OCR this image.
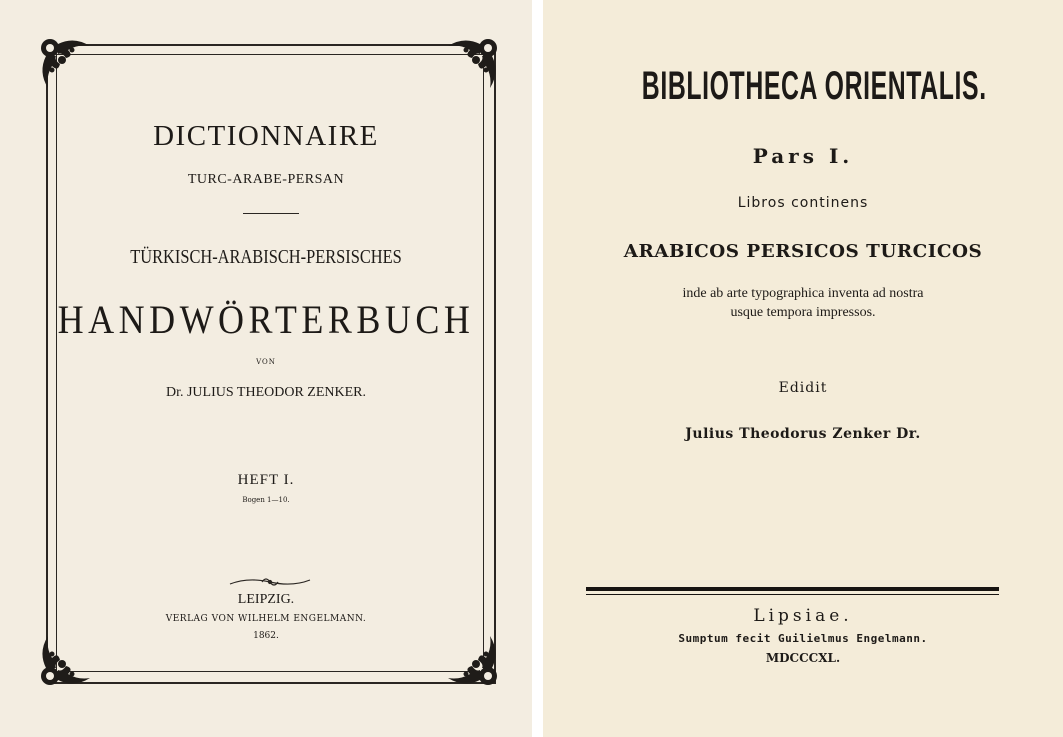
DICTIONNAIRE
TURC-ARABE-PERSAN
TÜRKISCH-ARABISCH-PERSISCHES
HANDWÖRTERBUCH
VON
Dr. JULIUS THEODOR ZENKER.
HEFT I.
Bogen 1—10.
LEIPZIG.
VERLAG VON WILHELM ENGELMANN.
1862.
BIBLIOTHECA ORIENTALIS.
Pars I.
Libros continens
ARABICOS PERSICOS TURCICOS
inde ab arte typographica inventa ad nostra
usque tempora impressos.
Edidit
Julius Theodorus Zenker Dr.
Lipsiae.
Sumptum fecit Guilielmus Engelmann.
MDCCCXL.
